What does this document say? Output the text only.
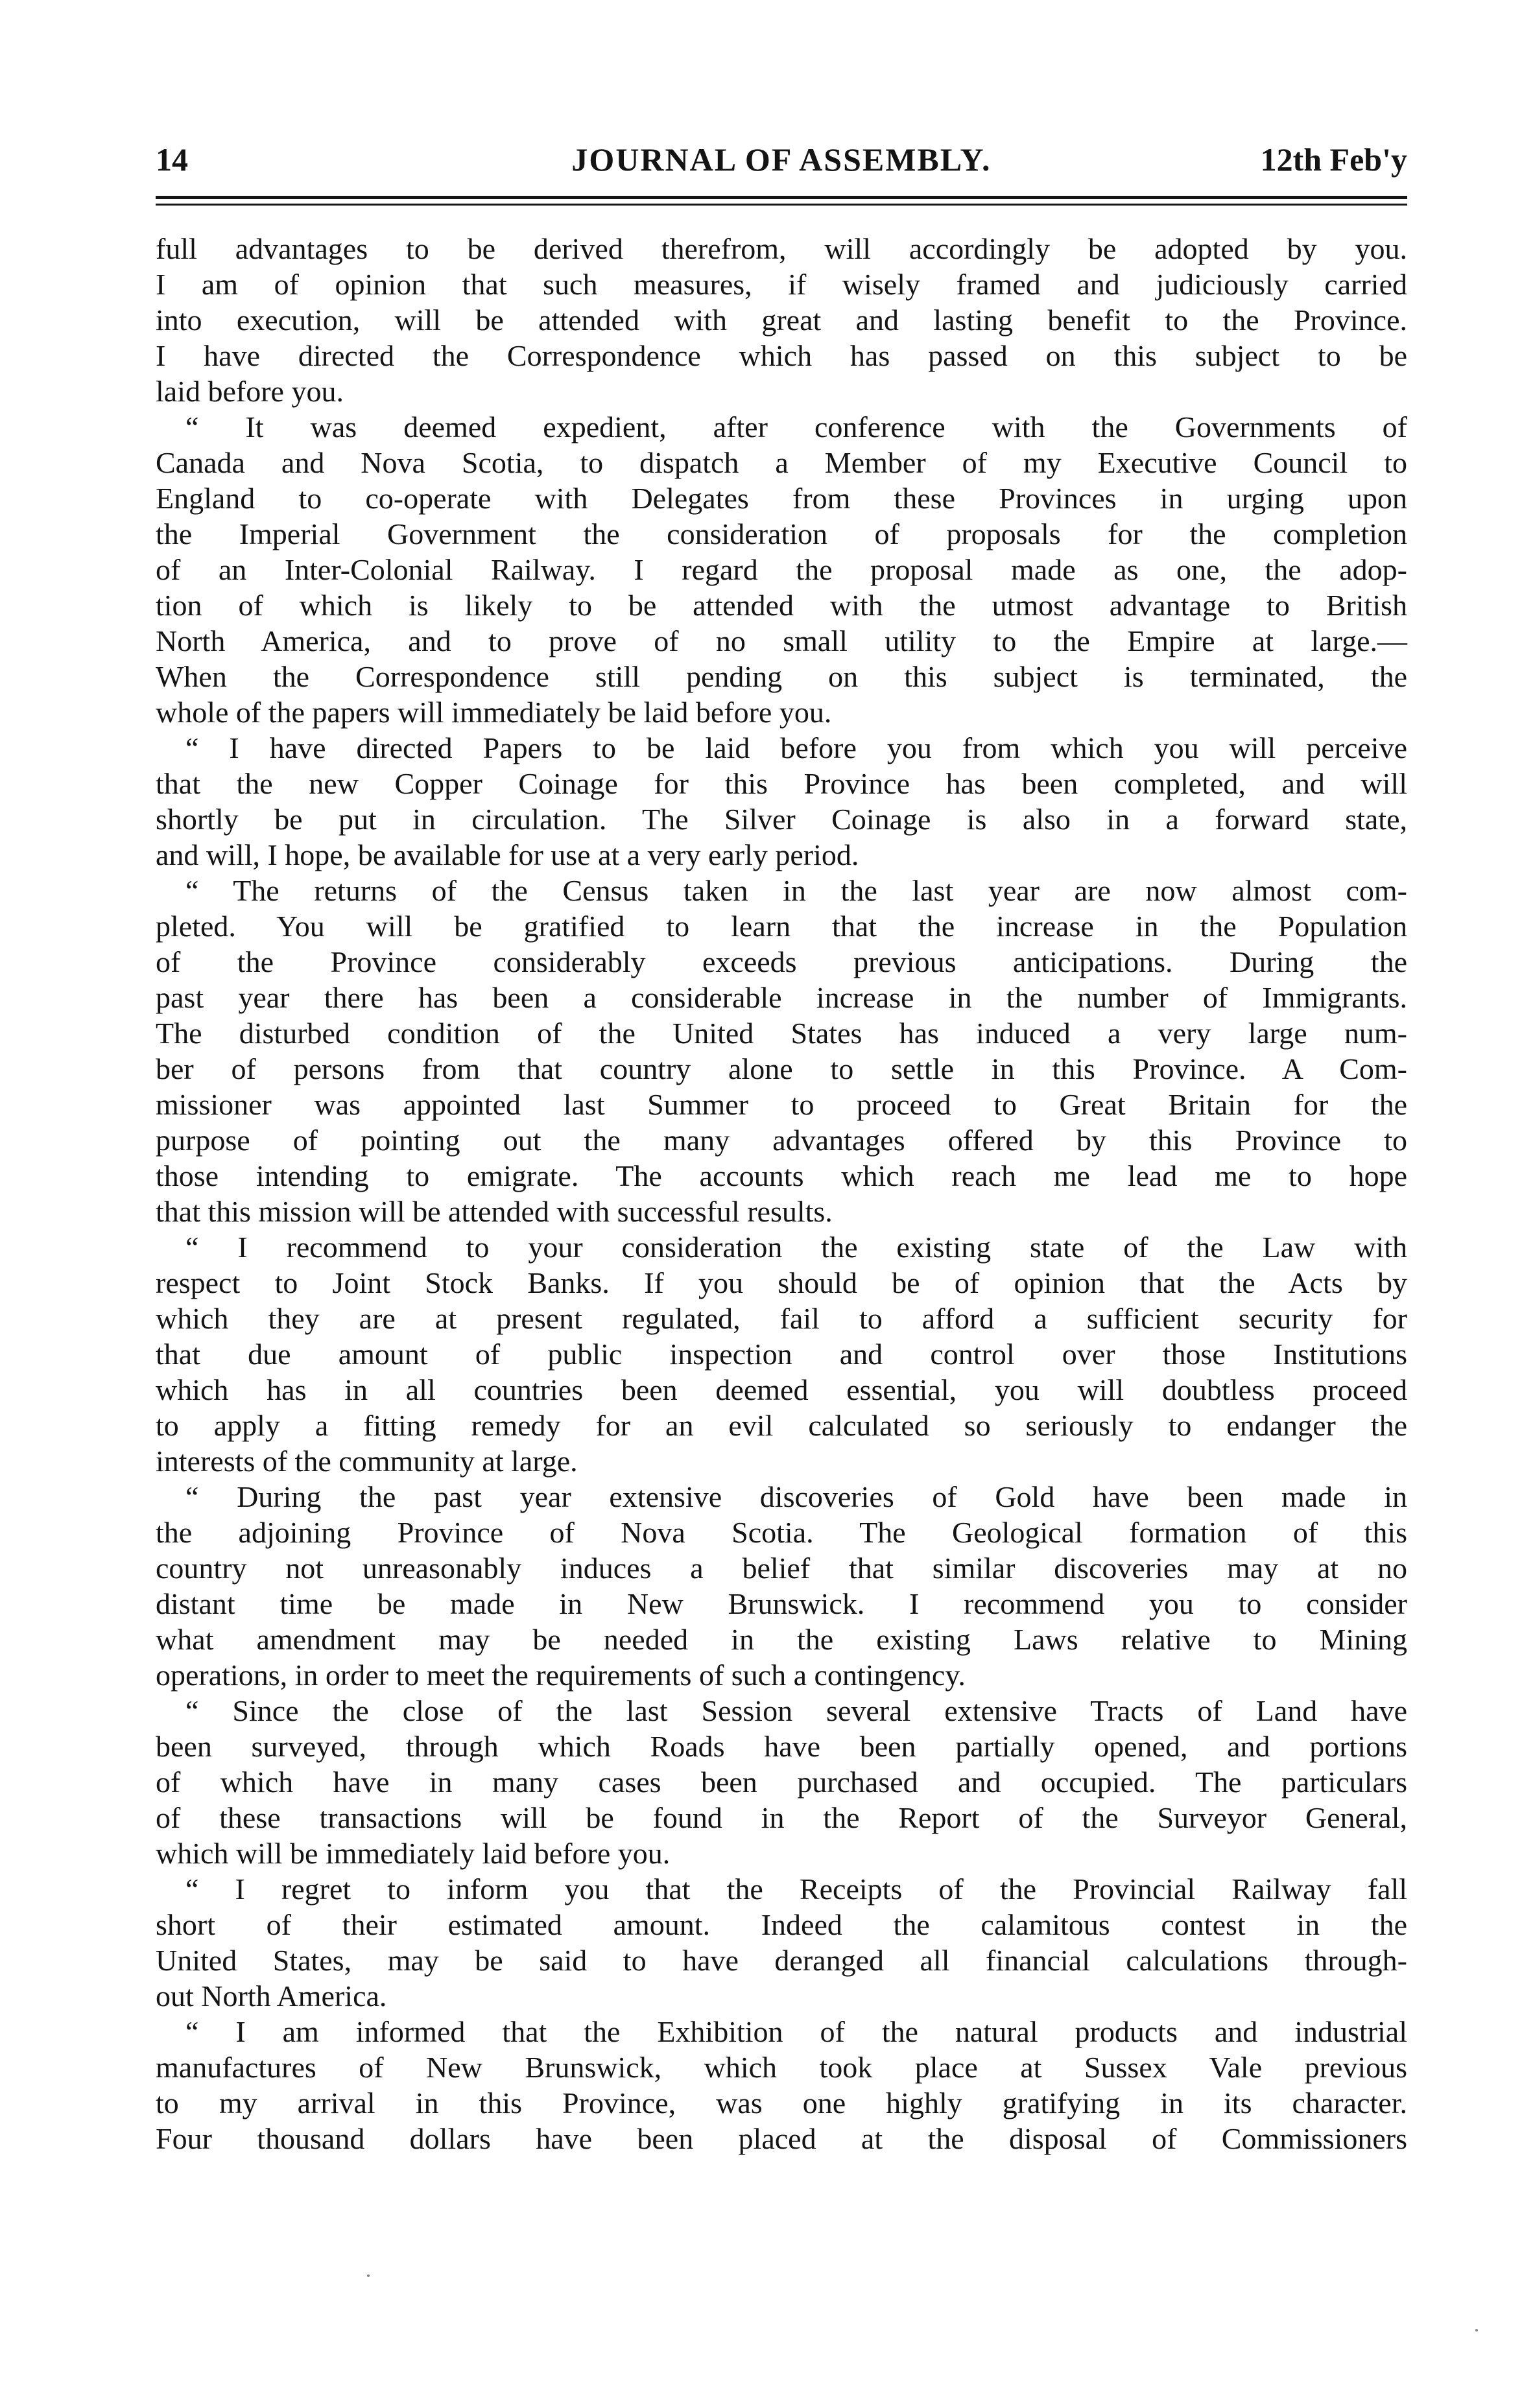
JOURNAL OF ASSEMBLY.
14	12th Feb'y
full advantages to be derived therefrom, will accordingly be adopted by you.
I am of opinion that such measures, if wisely framed and judiciously carried
into execution, will be attended with great and lasting benefit to the Province.
I have directed the Correspondence which has passed on this subject to be
laid before you.
“ It was deemed expedient, after conference with the Governments of
Canada and Nova Scotia, to dispatch a Member of my Executive Council to
England to co-operate with Delegates from these Provinces in urging upon
the Imperial Government the consideration of proposals for the completion
of an Inter-Colonial Railway. I regard the proposal made as one, the adop-
tion of which is likely to be attended with the utmost advantage to British
North America, and to prove of no small utility to the Empire at large.—
When the Correspondence still pending on this subject is terminated, the
whole of the papers will immediately be laid before you.
“ I have directed Papers to be laid before you from which you will perceive
that the new Copper Coinage for this Province has been completed, and will
shortly be put in circulation. The Silver Coinage is also in a forward state,
and will, I hope, be available for use at a very early period.
“ The returns of the Census taken in the last year are now almost com-
pleted. You will be gratified to learn that the increase in the Population
of the Province considerably exceeds previous anticipations. During the
past year there has been a considerable increase in the number of Immigrants.
The disturbed condition of the United States has induced a very large num-
ber of persons from that country alone to settle in this Province. A Com-
missioner was appointed last Summer to proceed to Great Britain for the
purpose of pointing out the many advantages offered by this Province to
those intending to emigrate. The accounts which reach me lead me to hope
that this mission will be attended with successful results.
“ I recommend to your consideration the existing state of the Law with
respect to Joint Stock Banks. If you should be of opinion that the Acts by
which they are at present regulated, fail to afford a sufficient security for
that due amount of public inspection and control over those Institutions
which has in all countries been deemed essential, you will doubtless proceed
to apply a fitting remedy for an evil calculated so seriously to endanger the
interests of the community at large.
“ During the past year extensive discoveries of Gold have been made in
the adjoining Province of Nova Scotia. The Geological formation of this
country not unreasonably induces a belief that similar discoveries may at no
distant time be made in New Brunswick. I recommend you to consider
what amendment may be needed in the existing Laws relative to Mining
operations, in order to meet the requirements of such a contingency.
“ Since the close of the last Session several extensive Tracts of Land have
been surveyed, through which Roads have been partially opened, and portions
of which have in many cases been purchased and occupied. The particulars
of these transactions will be found in the Report of the Surveyor General,
which will be immediately laid before you.
“ I regret to inform you that the Receipts of the Provincial Railway fall
short of their estimated amount. Indeed the calamitous contest in the
United States, may be said to have deranged all financial calculations through-
out North America.
“ I am informed that the Exhibition of the natural products and industrial
manufactures of New Brunswick, which took place at Sussex Vale previous
to my arrival in this Province, was one highly gratifying in its character.
Four thousand dollars have been placed at the disposal of Commissioners
